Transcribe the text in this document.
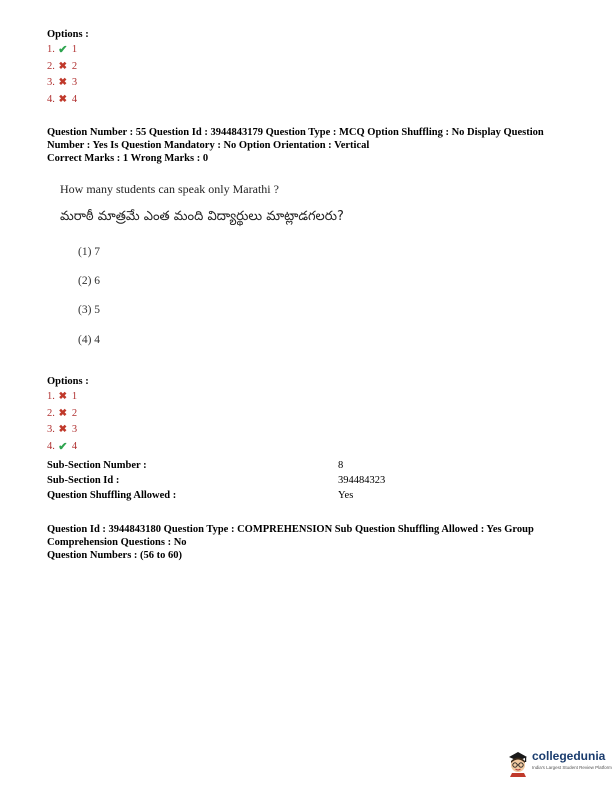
Options :
1. ✔ 1
2. ✖ 2
3. ✖ 3
4. ✖ 4
Question Number : 55 Question Id : 3944843179 Question Type : MCQ Option Shuffling : No Display Question
Number : Yes Is Question Mandatory : No Option Orientation : Vertical
Correct Marks : 1 Wrong Marks : 0
How many students can speak only Marathi ?
మరాఠీ మాత్రమే ఎంత మంది విద్యార్థులు మాట్లాడగలరు?
(1) 7
(2) 6
(3) 5
(4) 4
Options :
1. ✖ 1
2. ✖ 2
3. ✖ 3
4. ✔ 4
Sub-Section Number :	8
Sub-Section Id :	394484323
Question Shuffling Allowed :	Yes
Question Id : 3944843180 Question Type : COMPREHENSION Sub Question Shuffling Allowed : Yes Group
Comprehension Questions : No
Question Numbers : (56 to 60)
collegedunia
India's Largest Student Review Platform
